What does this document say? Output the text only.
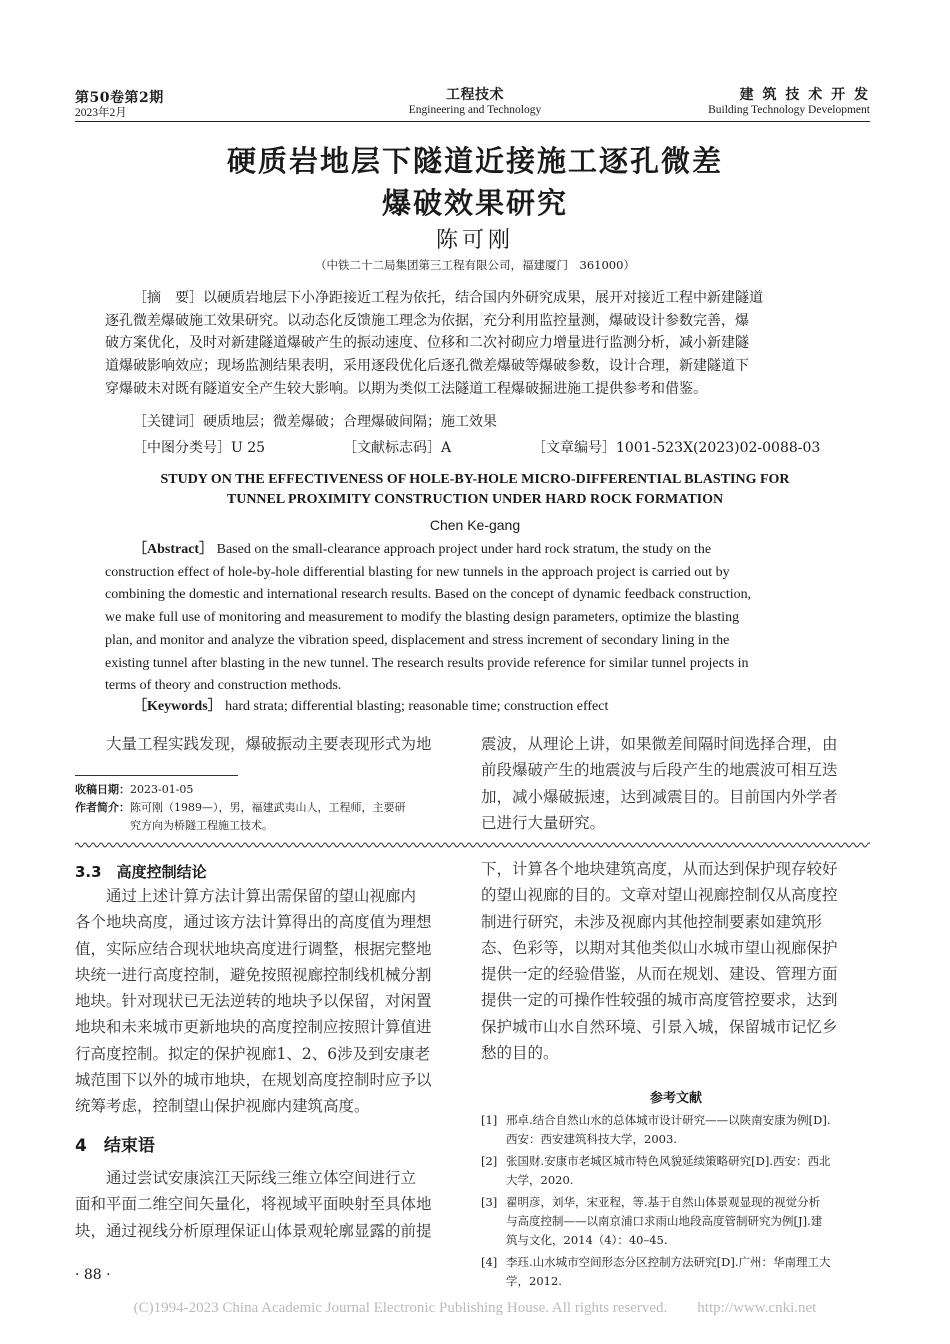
第50卷第2期
2023年2月
工程技术
Engineering and Technology
建 筑 技 术 开 发
Building Technology Development
硬质岩地层下隧道近接施工逐孔微差
爆破效果研究
陈可刚
（中铁二十二局集团第三工程有限公司，福建厦门　361000）
［摘　要］以硬质岩地层下小净距接近工程为依托，结合国内外研究成果，展开对接近工程中新建隧道
逐孔微差爆破施工效果研究。以动态化反馈施工理念为依据，充分利用监控量测，爆破设计参数完善，爆
破方案优化，及时对新建隧道爆破产生的振动速度、位移和二次衬砌应力增量进行监测分析，减小新建隧
道爆破影响效应；现场监测结果表明，采用逐段优化后逐孔微差爆破等爆破参数，设计合理，新建隧道下
穿爆破未对既有隧道安全产生较大影响。以期为类似工法隧道工程爆破掘进施工提供参考和借鉴。
［关键词］硬质地层；微差爆破；合理爆破间隔；施工效果
［中图分类号］U 25	［文献标志码］A	［文章编号］1001-523X(2023)02-0088-03
STUDY ON THE EFFECTIVENESS OF HOLE-BY-HOLE MICRO-DIFFERENTIAL BLASTING FOR
TUNNEL PROXIMITY CONSTRUCTION UNDER HARD ROCK FORMATION
Chen Ke-gang
［Abstract］ Based on the small-clearance approach project under hard rock stratum, the study on the
construction effect of hole-by-hole differential blasting for new tunnels in the approach project is carried out by
combining the domestic and international research results. Based on the concept of dynamic feedback construction,
we make full use of monitoring and measurement to modify the blasting design parameters, optimize the blasting
plan, and monitor and analyze the vibration speed, displacement and stress increment of secondary lining in the
existing tunnel after blasting in the new tunnel. The research results provide reference for similar tunnel projects in
terms of theory and construction methods.
［Keywords］ hard strata; differential blasting; reasonable time; construction effect
大量工程实践发现，爆破振动主要表现形式为地
收稿日期：2023-01-05
作者简介：陈可刚（1989—），男，福建武夷山人，工程师，主要研
究方向为桥隧工程施工技术。
震波，从理论上讲，如果微差间隔时间选择合理，由
前段爆破产生的地震波与后段产生的地震波可相互迭
加，减小爆破振速，达到减震目的。目前国内外学者
已进行大量研究。
3.3　高度控制结论
通过上述计算方法计算出需保留的望山视廊内
各个地块高度，通过该方法计算得出的高度值为理想
值，实际应结合现状地块高度进行调整，根据完整地
块统一进行高度控制，避免按照视廊控制线机械分割
地块。针对现状已无法逆转的地块予以保留，对闲置
地块和未来城市更新地块的高度控制应按照计算值进
行高度控制。拟定的保护视廊1、2、6涉及到安康老
城范围下以外的城市地块，在规划高度控制时应予以
统筹考虑，控制望山保护视廊内建筑高度。
4　结束语
通过尝试安康滨江天际线三维立体空间进行立
面和平面二维空间矢量化，将视域平面映射至具体地
块，通过视线分析原理保证山体景观轮廓显露的前提
下，计算各个地块建筑高度，从而达到保护现存较好
的望山视廊的目的。文章对望山视廊控制仅从高度控
制进行研究，未涉及视廊内其他控制要素如建筑形
态、色彩等，以期对其他类似山水城市望山视廊保护
提供一定的经验借鉴，从而在规划、建设、管理方面
提供一定的可操作性较强的城市高度管控要求，达到
保护城市山水自然环境、引景入城，保留城市记忆乡
愁的目的。
参考文献
[1] 邢卓.结合自然山水的总体城市设计研究——以陕南安康为例[D].
西安：西安建筑科技大学，2003.
[2] 张国财.安康市老城区城市特色风貌延续策略研究[D].西安：西北
大学，2020.
[3] 翟明彦，刘华，宋亚程，等.基于自然山体景观显现的视觉分析
与高度控制——以南京浦口求雨山地段高度管制研究为例[J].建
筑与文化，2014（4）：40–45.
[4] 李珏.山水城市空间形态分区控制方法研究[D].广州：华南理工大
学，2012.
· 88 ·
(C)1994-2023 China Academic Journal Electronic Publishing House. All rights reserved.　　http://www.cnki.net
